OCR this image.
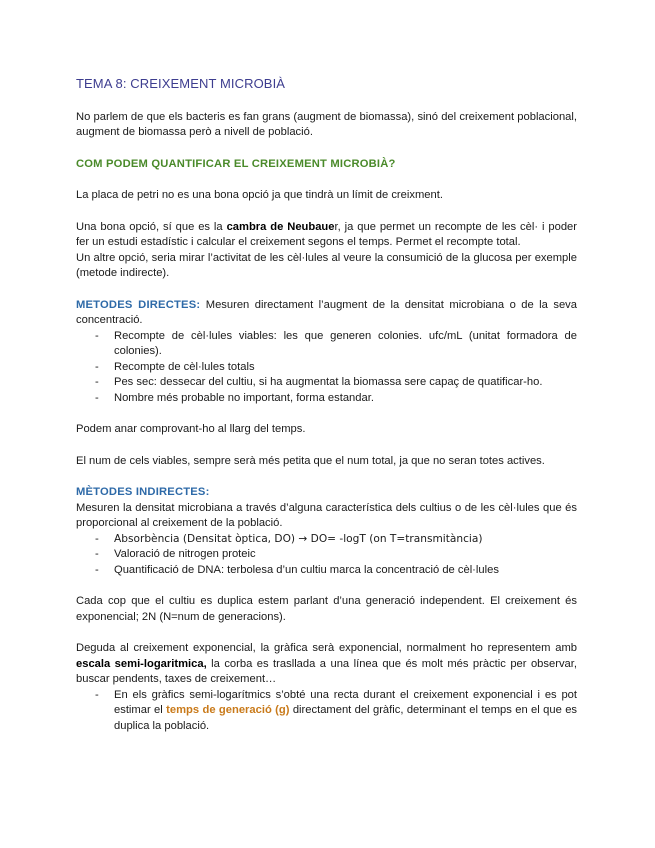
TEMA 8: CREIXEMENT MICROBIÀ

No parlem de que els bacteris es fan grans (augment de biomassa), sinó del creixement poblacional, augment de biomassa però a nivell de població.

COM PODEM QUANTIFICAR EL CREIXEMENT MICROBIÀ?

La placa de petri no es una bona opció ja que tindrà un límit de creixment.

Una bona opció, sí que es la cambra de Neubauer, ja que permet un recompte de les cèl· i poder fer un estudi estadístic i calcular el creixement segons el temps. Permet el recompte total.

Un altre opció, seria mirar l’activitat de les cèl·lules al veure la consumició de la glucosa per exemple (metode indirecte).

METODES DIRECTES: Mesuren directament l’augment de la densitat microbiana o de la seva concentració.

- Recompte de cèl·lules viables: les que generen colonies. ufc/mL (unitat formadora de colonies).
- Recompte de cèl·lules totals
- Pes sec: dessecar del cultiu, si ha augmentat la biomassa sere capaç de quatificar-ho.
- Nombre més probable no important, forma estandar.

Podem anar comprovant-ho al llarg del temps.

El num de cels viables, sempre serà més petita que el num total, ja que no seran totes actives.

MÈTODES INDIRECTES:

Mesuren la densitat microbiana a través d’alguna característica dels cultius o de les cèl·lules que és proporcional al creixement de la població.

- Absorbència (Densitat òptica, DO) → DO= -logT (on T=transmitància)
- Valoració de nitrogen proteic
- Quantificació de DNA: terbolesa d’un cultiu marca la concentració de cèl·lules

Cada cop que el cultiu es duplica estem parlant d’una generació independent. El creixement és exponencial; 2N (N=num de generacions).

Deguda al creixement exponencial, la gràfica serà exponencial, normalment ho representem amb escala semi-logaritmica, la corba es trasllada a una línea que és molt més pràctic per observar, buscar pendents, taxes de creixement…

- En els gràfics semi-logarítmics s’obté una recta durant el creixement exponencial i es pot estimar el temps de generació (g) directament del gràfic, determinant el temps en el que es duplica la població.
